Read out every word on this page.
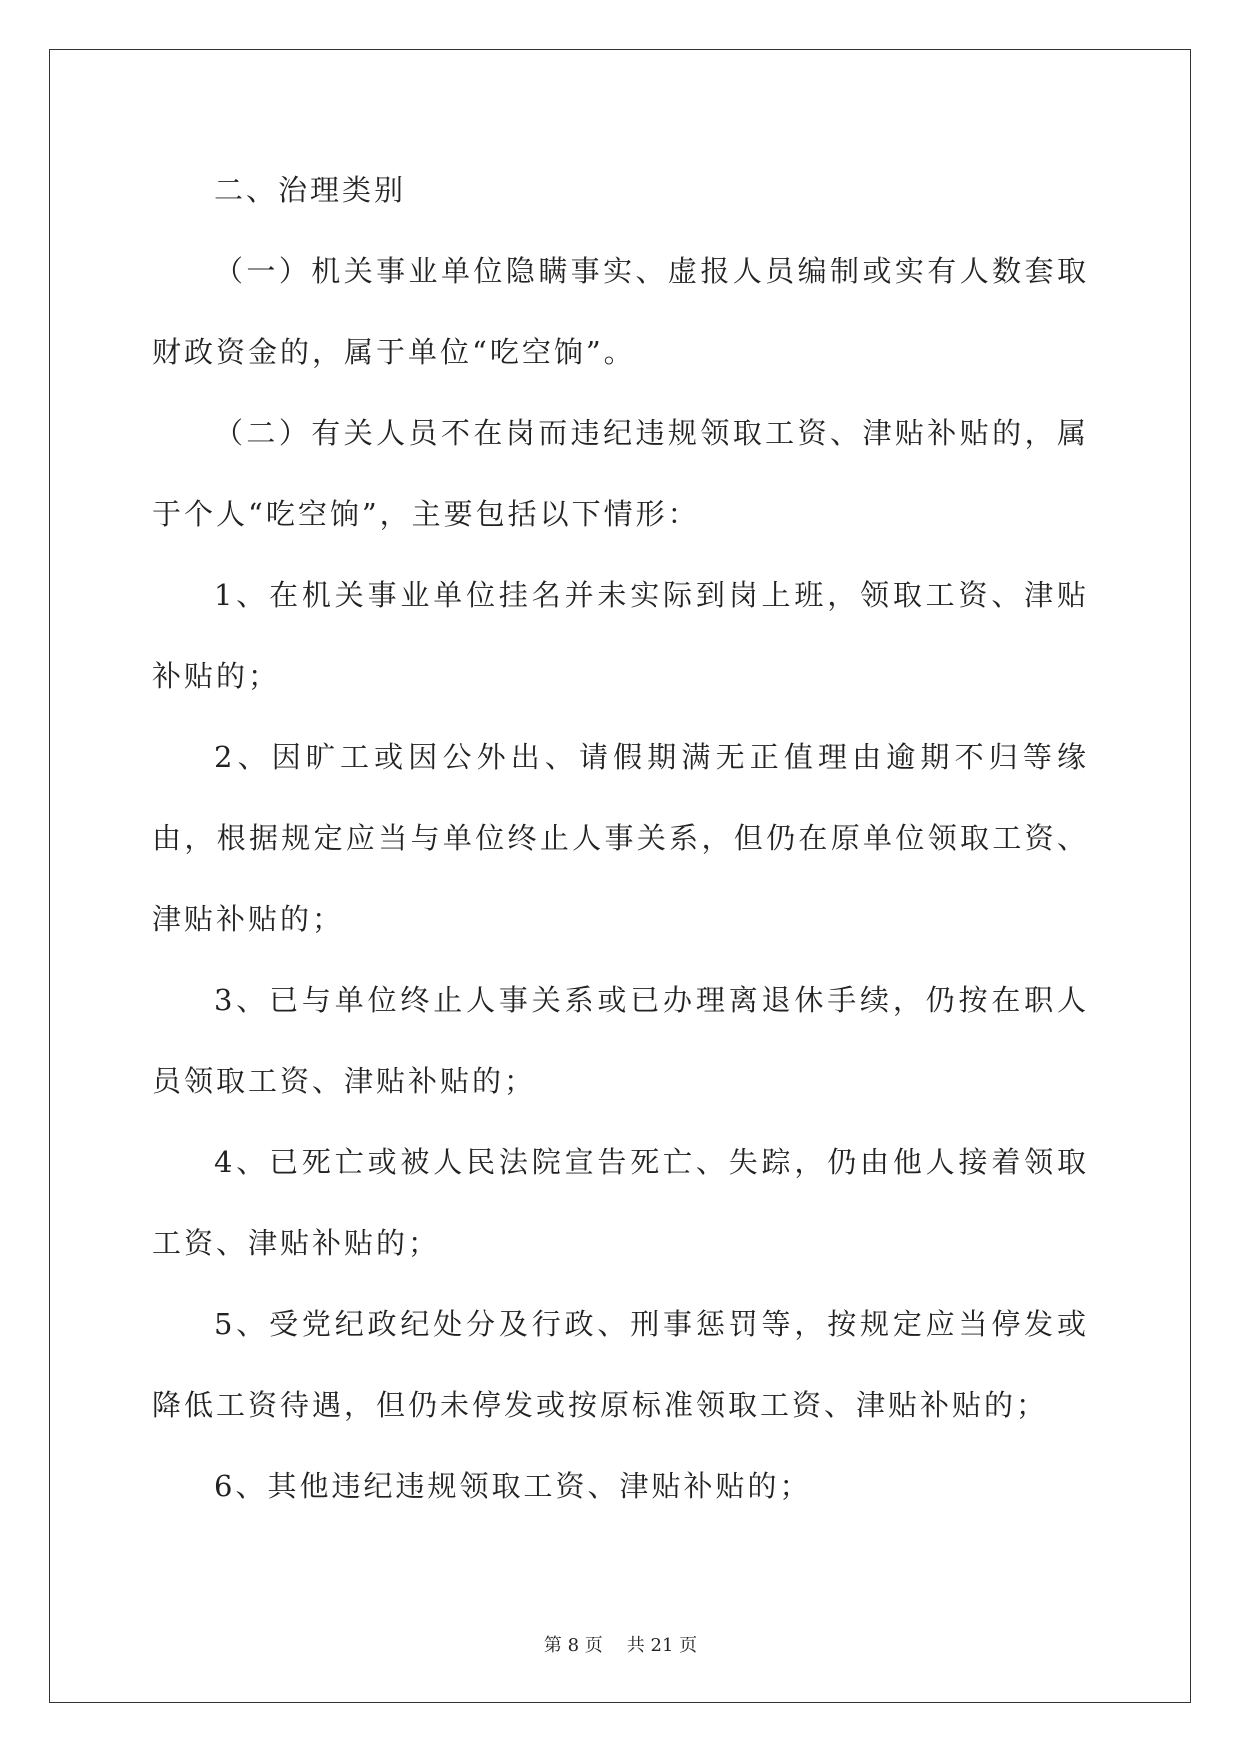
二、治理类别

（一）机关事业单位隐瞒事实、虚报人员编制或实有人数套取财政资金的，属于单位“吃空饷”。

（二）有关人员不在岗而违纪违规领取工资、津贴补贴的，属于个人“吃空饷”，主要包括以下情形：

1、在机关事业单位挂名并未实际到岗上班，领取工资、津贴补贴的；

2、因旷工或因公外出、请假期满无正值理由逾期不归等缘由，根据规定应当与单位终止人事关系，但仍在原单位领取工资、津贴补贴的；

3、已与单位终止人事关系或已办理离退休手续，仍按在职人员领取工资、津贴补贴的；

4、已死亡或被人民法院宣告死亡、失踪，仍由他人接着领取工资、津贴补贴的；

5、受党纪政纪处分及行政、刑事惩罚等，按规定应当停发或降低工资待遇，但仍未停发或按原标准领取工资、津贴补贴的；

6、其他违纪违规领取工资、津贴补贴的；

第 8 页 共 21 页
